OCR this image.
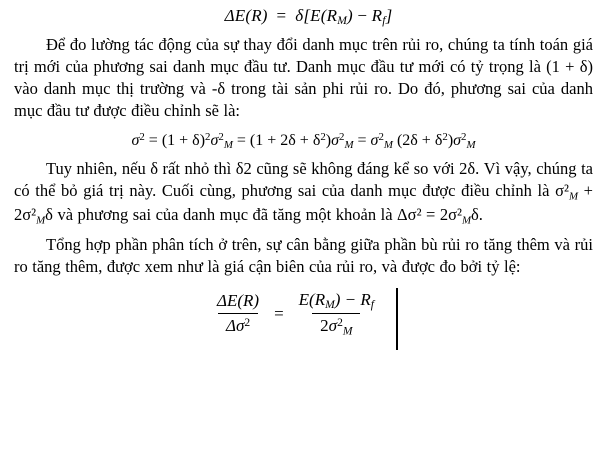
$\Delta E(R) = \delta[E(R_M) - R_f]$

Để đo lường tác động của sự thay đổi danh mục trên rủi ro, chúng ta tính toán giá trị mới của phương sai danh mục đầu tư. Danh mục đầu tư mới có tỷ trọng là (1 + δ) vào danh mục thị trường và -δ trong tài sản phi rủi ro. Do đó, phương sai của danh mục đầu tư được điều chỉnh sẽ là:

$\sigma^2 = (1 + \delta)^2\sigma^2_M = (1 + 2\delta + \delta^2)\sigma^2_M = \sigma^2_M$ $(2\delta + \delta^2)\sigma^2_M$

Tuy nhiên, nếu δ rất nhỏ thì δ2 cũng sẽ không đáng kể so với 2δ. Vì vậy, chúng ta có thể bỏ giá trị này. Cuối cùng, phương sai của danh mục được điều chỉnh là σ²M + 2σ²Mδ và phương sai của danh mục đã tăng một khoản là Δσ² = 2σ²Mδ.

Tổng hợp phần phân tích ở trên, sự cân bằng giữa phần bù rủi ro tăng thêm và rủi ro tăng thêm, được xem như là giá cận biên của rủi ro, và được đo bởi tỷ lệ:

$\frac{\Delta E(R)}{\Delta\sigma^2} = \frac{E(R_M) - R_f}{2\sigma^2_M}$
